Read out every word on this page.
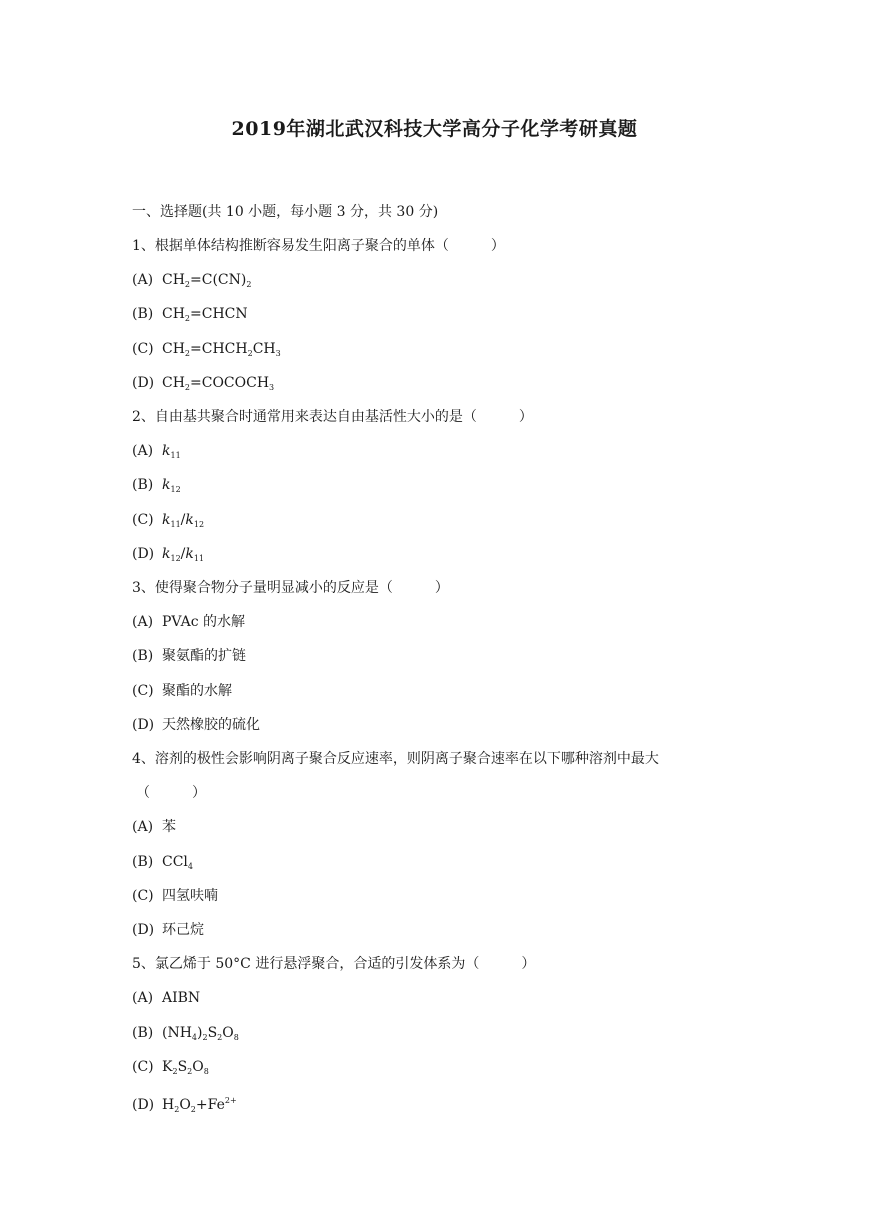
2019年湖北武汉科技大学高分子化学考研真题
一、选择题(共 10 小题，每小题 3 分，共 30 分)
1、根据单体结构推断容易发生阳离子聚合的单体（　　　）
(A) $CH_2=C(CN)_2$
(B) $CH_2=CHCN$
(C) $CH_2=CHCH_2CH_3$
(D) $CH_2=COCOCH_3$
2、自由基共聚合时通常用来表达自由基活性大小的是（　　　）
(A) $k_{11}$
(B) $k_{12}$
(C) $k_{11}/k_{12}$
(D) $k_{12}/k_{11}$
3、使得聚合物分子量明显减小的反应是（　　　）
(A) PVAc 的水解
(B) 聚氨酯的扩链
(C) 聚酯的水解
(D) 天然橡胶的硫化
4、溶剂的极性会影响阴离子聚合反应速率，则阴离子聚合速率在以下哪种溶剂中最大
（　　　）
(A) 苯
(B) CCl$_4$
(C) 四氢呋喃
(D) 环己烷
5、氯乙烯于 50°C 进行悬浮聚合，合适的引发体系为（　　　）
(A) AIBN
(B) $(NH_4)_2S_2O_8$
(C) $K_2S_2O_8$
(D) $H_2O_2+Fe^{2+}$
